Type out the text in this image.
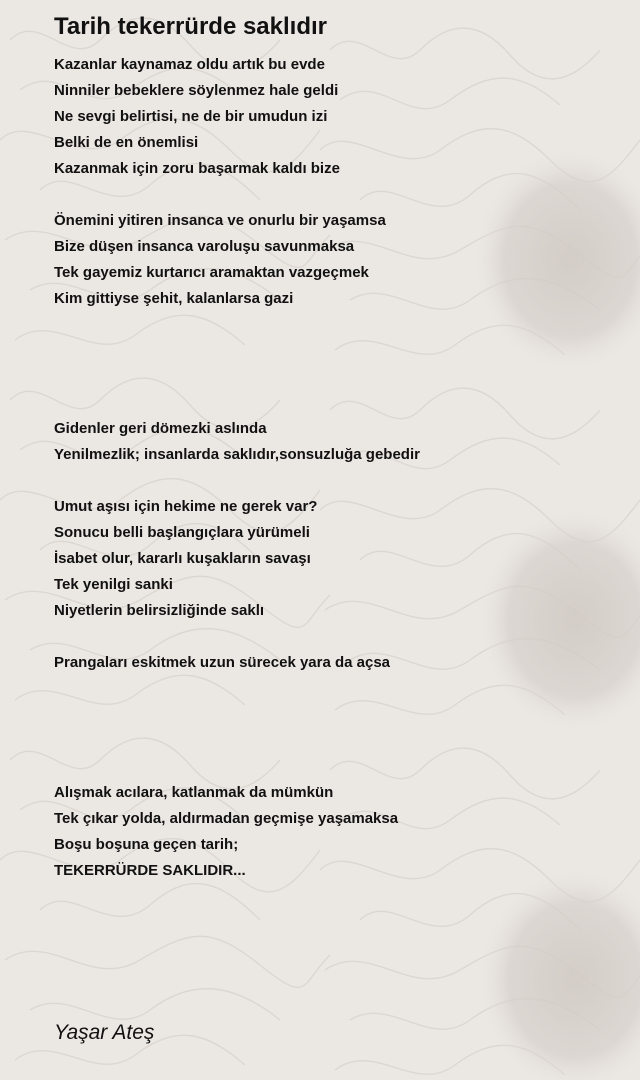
Tarih tekerrürde saklıdır
Kazanlar kaynamaz oldu artık bu evde
Ninniler bebeklere söylenmez hale geldi
Ne sevgi belirtisi, ne de bir umudun izi
Belki de en önemlisi
Kazanmak için zoru başarmak kaldı bize
Önemini yitiren insanca ve onurlu bir yaşamsa
Bize düşen insanca varoluşu savunmaksa
Tek gayemiz kurtarıcı aramaktan vazgeçmek
Kim gittiyse şehit, kalanlarsa gazi
Gidenler geri dömezki aslında
Yenilmezlik; insanlarda saklıdır,sonsuzluğa gebedir
Umut aşısı için hekime ne gerek var?
Sonucu belli başlangıçlara yürümeli
İsabet olur, kararlı kuşakların savaşı
Tek yenilgi sanki
Niyetlerin belirsizliğinde saklı
Prangaları eskitmek uzun sürecek yara da açsa
Alışmak acılara, katlanmak da mümkün
Tek çıkar yolda, aldırmadan geçmişe yaşamaksa
Boşu boşuna geçen tarih;
TEKERRÜRDE SAKLIDIR...
Yaşar Ateş
